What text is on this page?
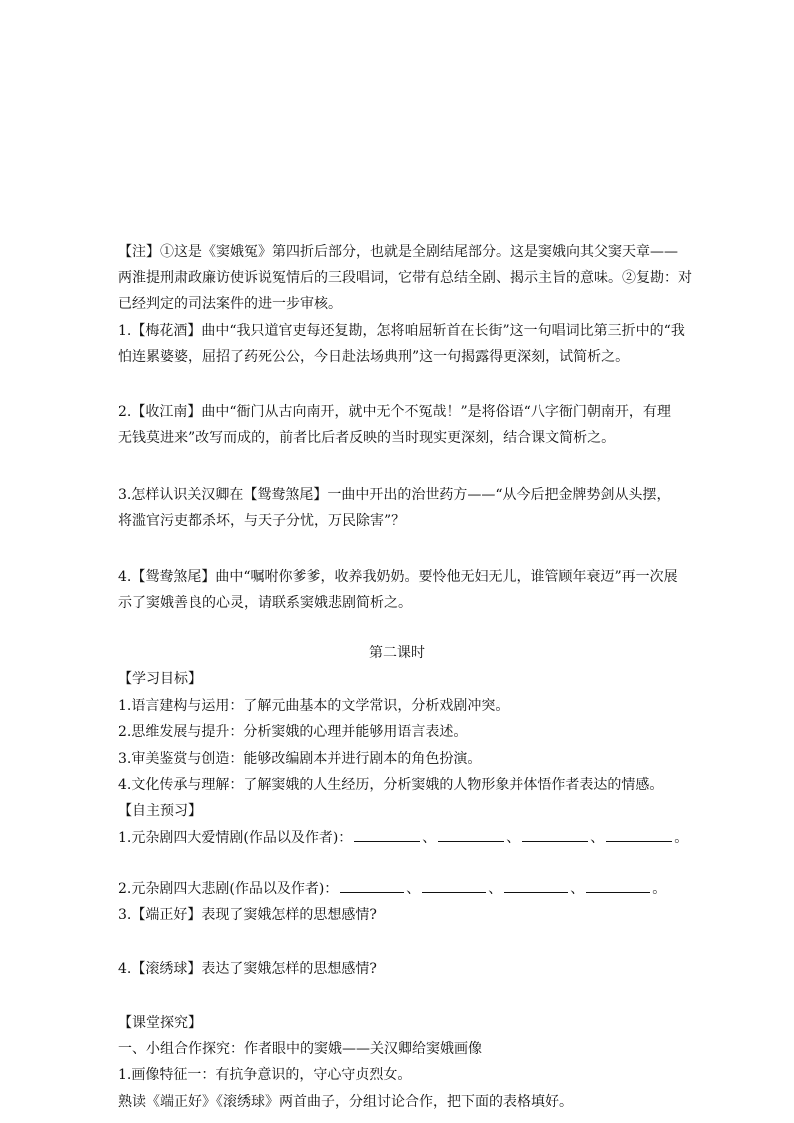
【注】①这是《窦娥冤》第四折后部分，也就是全剧结尾部分。这是窦娥向其父窦天章——
两淮提刑肃政廉访使诉说冤情后的三段唱词，它带有总结全剧、揭示主旨的意味。②复勘：对
已经判定的司法案件的进一步审核。
1.【梅花酒】曲中“我只道官吏每还复勘，怎将咱屈斩首在长街”这一句唱词比第三折中的“我
怕连累婆婆，屈招了药死公公，今日赴法场典刑”这一句揭露得更深刻，试简析之。
2.【收江南】曲中“衙门从古向南开，就中无个不冤哉！”是将俗语“八字衙门朝南开，有理
无钱莫进来”改写而成的，前者比后者反映的当时现实更深刻，结合课文简析之。
3.怎样认识关汉卿在【鸳鸯煞尾】一曲中开出的治世药方——“从今后把金牌势剑从头摆，
将滥官污吏都杀坏，与天子分忧，万民除害”？
4.【鸳鸯煞尾】曲中“嘱咐你爹爹，收养我奶奶。要怜他无妇无儿，谁管顾年衰迈”再一次展
示了窦娥善良的心灵，请联系窦娥悲剧简析之。
第二课时
【学习目标】
1.语言建构与运用：了解元曲基本的文学常识，分析戏剧冲突。
2.思维发展与提升：分析窦娥的心理并能够用语言表述。
3.审美鉴赏与创造：能够改编剧本并进行剧本的角色扮演。
4.文化传承与理解：了解窦娥的人生经历，分析窦娥的人物形象并体悟作者表达的情感。
【自主预习】
1.元杂剧四大爱情剧(作品以及作者)：	、	、	、	。
2.元杂剧四大悲剧(作品以及作者)：	、	、	、	。
3.【端正好】表现了窦娥怎样的思想感情?
4.【滚绣球】表达了窦娥怎样的思想感情?
【课堂探究】
一、小组合作探究：作者眼中的窦娥——关汉卿给窦娥画像
1.画像特征一：有抗争意识的，守心守贞烈女。
熟读《端正好》《滚绣球》两首曲子，分组讨论合作，把下面的表格填好。
